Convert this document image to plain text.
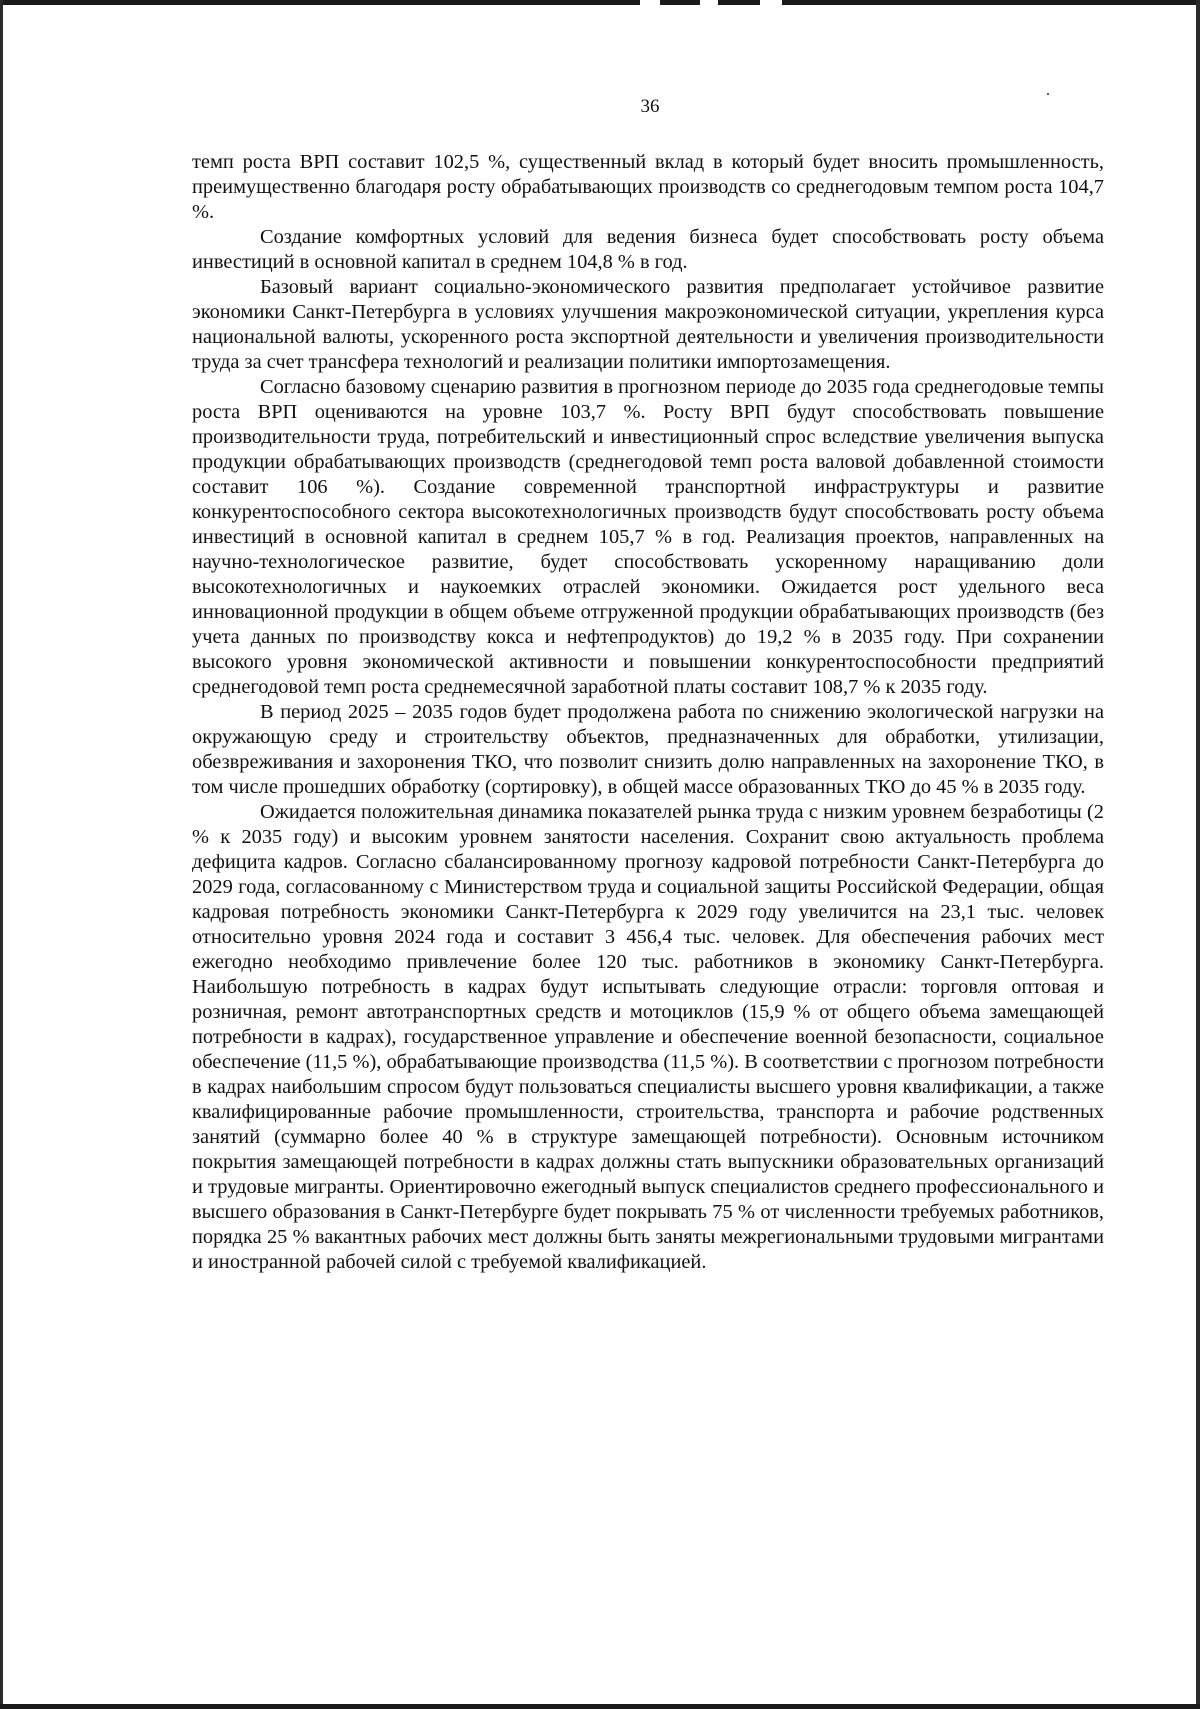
36

темп роста ВРП составит 102,5 %, существенный вклад в который будет вносить промышленность, преимущественно благодаря росту обрабатывающих производств со среднегодовым темпом роста 104,7 %.

Создание комфортных условий для ведения бизнеса будет способствовать росту объема инвестиций в основной капитал в среднем 104,8 % в год.

Базовый вариант социально-экономического развития предполагает устойчивое развитие экономики Санкт-Петербурга в условиях улучшения макроэкономической ситуации, укрепления курса национальной валюты, ускоренного роста экспортной деятельности и увеличения производительности труда за счет трансфера технологий и реализации политики импортозамещения.

Согласно базовому сценарию развития в прогнозном периоде до 2035 года среднегодовые темпы роста ВРП оцениваются на уровне 103,7 %. Росту ВРП будут способствовать повышение производительности труда, потребительский и инвестиционный спрос вследствие увеличения выпуска продукции обрабатывающих производств (среднегодовой темп роста валовой добавленной стоимости составит 106 %). Создание современной транспортной инфраструктуры и развитие конкурентоспособного сектора высокотехнологичных производств будут способствовать росту объема инвестиций в основной капитал в среднем 105,7 % в год. Реализация проектов, направленных на научно-технологическое развитие, будет способствовать ускоренному наращиванию доли высокотехнологичных и наукоемких отраслей экономики. Ожидается рост удельного веса инновационной продукции в общем объеме отгруженной продукции обрабатывающих производств (без учета данных по производству кокса и нефтепродуктов) до 19,2 % в 2035 году. При сохранении высокого уровня экономической активности и повышении конкурентоспособности предприятий среднегодовой темп роста среднемесячной заработной платы составит 108,7 % к 2035 году.

В период 2025 – 2035 годов будет продолжена работа по снижению экологической нагрузки на окружающую среду и строительству объектов, предназначенных для обработки, утилизации, обезвреживания и захоронения ТКО, что позволит снизить долю направленных на захоронение ТКО, в том числе прошедших обработку (сортировку), в общей массе образованных ТКО до 45 % в 2035 году.

Ожидается положительная динамика показателей рынка труда с низким уровнем безработицы (2 % к 2035 году) и высоким уровнем занятости населения. Сохранит свою актуальность проблема дефицита кадров. Согласно сбалансированному прогнозу кадровой потребности Санкт-Петербурга до 2029 года, согласованному с Министерством труда и социальной защиты Российской Федерации, общая кадровая потребность экономики Санкт-Петербурга к 2029 году увеличится на 23,1 тыс. человек относительно уровня 2024 года и составит 3 456,4 тыс. человек. Для обеспечения рабочих мест ежегодно необходимо привлечение более 120 тыс. работников в экономику Санкт-Петербурга. Наибольшую потребность в кадрах будут испытывать следующие отрасли: торговля оптовая и розничная, ремонт автотранспортных средств и мотоциклов (15,9 % от общего объема замещающей потребности в кадрах), государственное управление и обеспечение военной безопасности, социальное обеспечение (11,5 %), обрабатывающие производства (11,5 %). В соответствии с прогнозом потребности в кадрах наибольшим спросом будут пользоваться специалисты высшего уровня квалификации, а также квалифицированные рабочие промышленности, строительства, транспорта и рабочие родственных занятий (суммарно более 40 % в структуре замещающей потребности). Основным источником покрытия замещающей потребности в кадрах должны стать выпускники образовательных организаций и трудовые мигранты. Ориентировочно ежегодный выпуск специалистов среднего профессионального и высшего образования в Санкт-Петербурге будет покрывать 75 % от численности требуемых работников, порядка 25 % вакантных рабочих мест должны быть заняты межрегиональными трудовыми мигрантами и иностранной рабочей силой с требуемой квалификацией.
